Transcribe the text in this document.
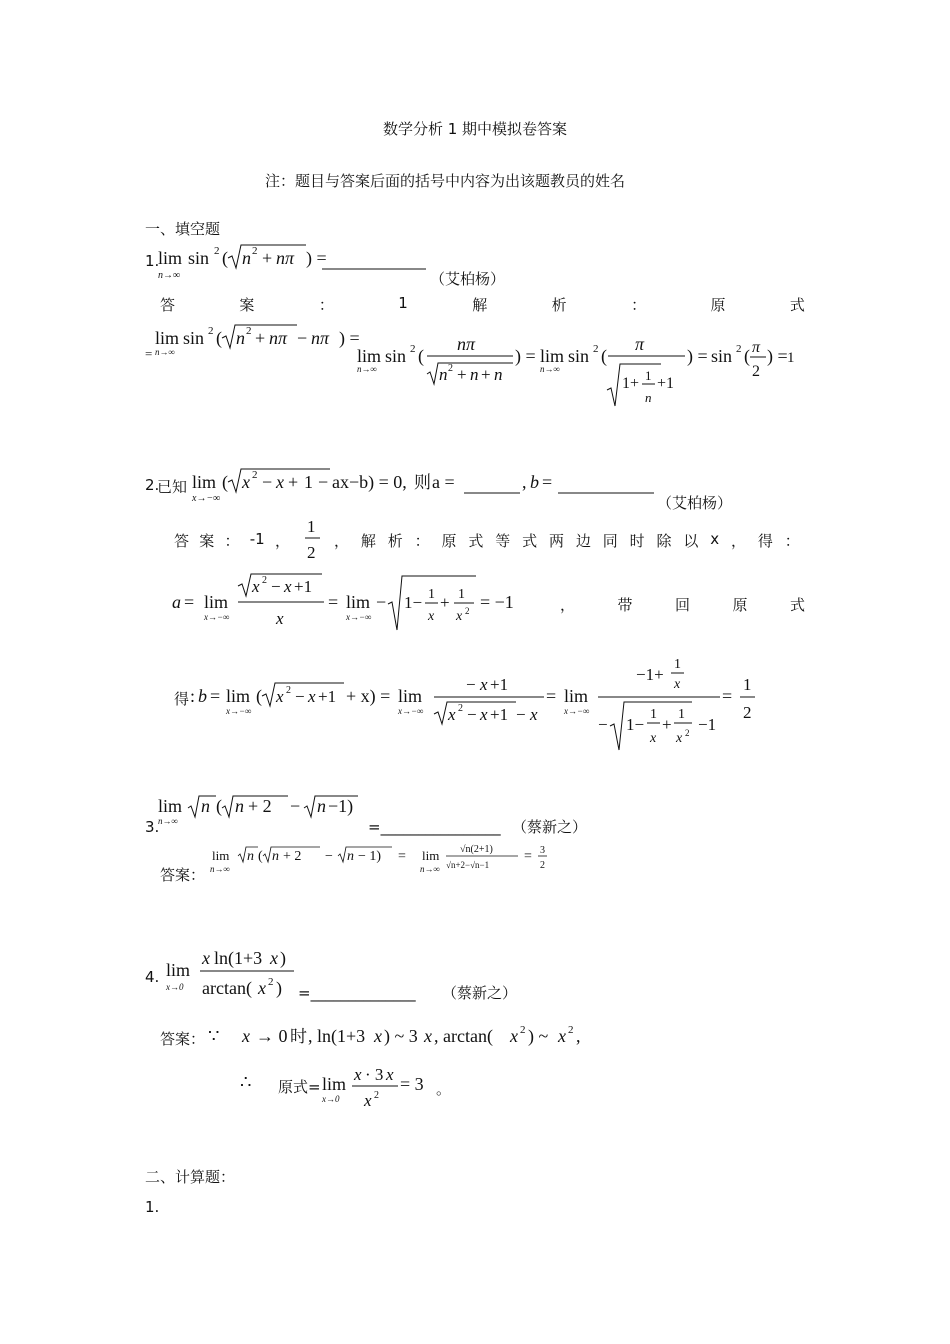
数学分析 1 期中模拟卷答案
注：题目与答案后面的括号中内容为出该题教员的姓名
一、填空题
1.
lim
n→∞
sin 2 ( n 2 + nπ ) =
（艾柏杨）
答	案	：	1	解	析	：	原	式
=
lim
n→∞
sin 2 ( n 2 + nπ − nπ ) =
lim
n→∞
sin 2 (
nπ
n 2 + n + n
) = lim
n→∞
sin 2 (
π
1+ 1
n
+1
) = sin 2 ( π
2
) = 1
2.
已知 lim
x→−∞
( x 2 − x + 1 − ax−b) = 0, 则 a =	, b =
（艾柏杨）
答 案 ： -1 ，
1
2
， 解 析 ： 原 式 等 式 两 边 同 时 除 以 x ， 得 ：
a = lim
x→−∞
x 2 − x +1
x
= lim
x→−∞
− 1− 1
x
+ 1
x 2 = −1	，	带	回	原	式
得 : b = lim
x→−∞
( x 2 − x +1 + x) = lim
x→−∞
− x +1
x 2 − x +1 − x
= lim
x→−∞
−1+
1
x
− 1−
1
x
+
1
x 2 −1
=
1
2
lim
n→∞
n ( n + 2 − n −1)
3.	=________________ （蔡新之）
答案：
lim
n→∞
n ( n + 2 − n − 1) = lim
n→∞
√n(2+1)
√n+2−√n−1
= 3
2
4. lim
x→0
x ln(1+3 x )
arctan( x 2 ) =______________ （蔡新之）
答案： ∵ x → 0 时 , ln(1+3 x ) ~ 3 x , arctan( x 2 ) ~ x 2 ,
∴ 原式= lim
x→0
x · 3 x
x 2
= 3 。
二、计算题：
1.
